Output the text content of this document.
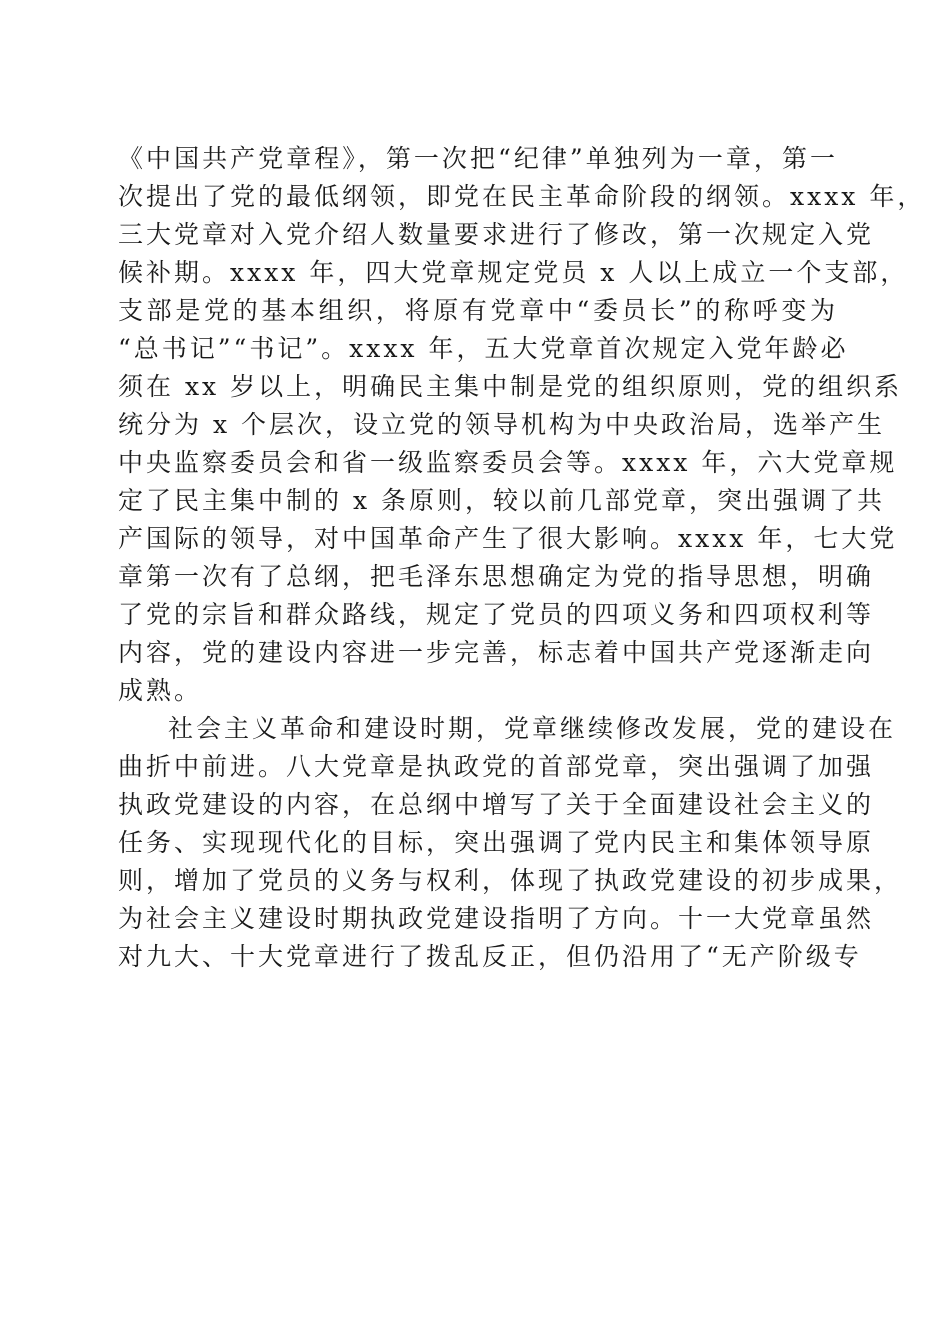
《中国共产党章程》，第一次把“纪律”单独列为一章，第一
次提出了党的最低纲领，即党在民主革命阶段的纲领。xxxx 年，
三大党章对入党介绍人数量要求进行了修改，第一次规定入党
候补期。xxxx 年，四大党章规定党员 x 人以上成立一个支部，
支部是党的基本组织，将原有党章中“委员长”的称呼变为
“总书记”“书记”。xxxx 年，五大党章首次规定入党年龄必
须在 xx 岁以上，明确民主集中制是党的组织原则，党的组织系
统分为 x 个层次，设立党的领导机构为中央政治局，选举产生
中央监察委员会和省一级监察委员会等。xxxx 年，六大党章规
定了民主集中制的 x 条原则，较以前几部党章，突出强调了共
产国际的领导，对中国革命产生了很大影响。xxxx 年，七大党
章第一次有了总纲，把毛泽东思想确定为党的指导思想，明确
了党的宗旨和群众路线，规定了党员的四项义务和四项权利等
内容，党的建设内容进一步完善，标志着中国共产党逐渐走向
成熟。
社会主义革命和建设时期，党章继续修改发展，党的建设在
曲折中前进。八大党章是执政党的首部党章，突出强调了加强
执政党建设的内容，在总纲中增写了关于全面建设社会主义的
任务、实现现代化的目标，突出强调了党内民主和集体领导原
则，增加了党员的义务与权利，体现了执政党建设的初步成果，
为社会主义建设时期执政党建设指明了方向。十一大党章虽然
对九大、十大党章进行了拨乱反正，但仍沿用了“无产阶级专
